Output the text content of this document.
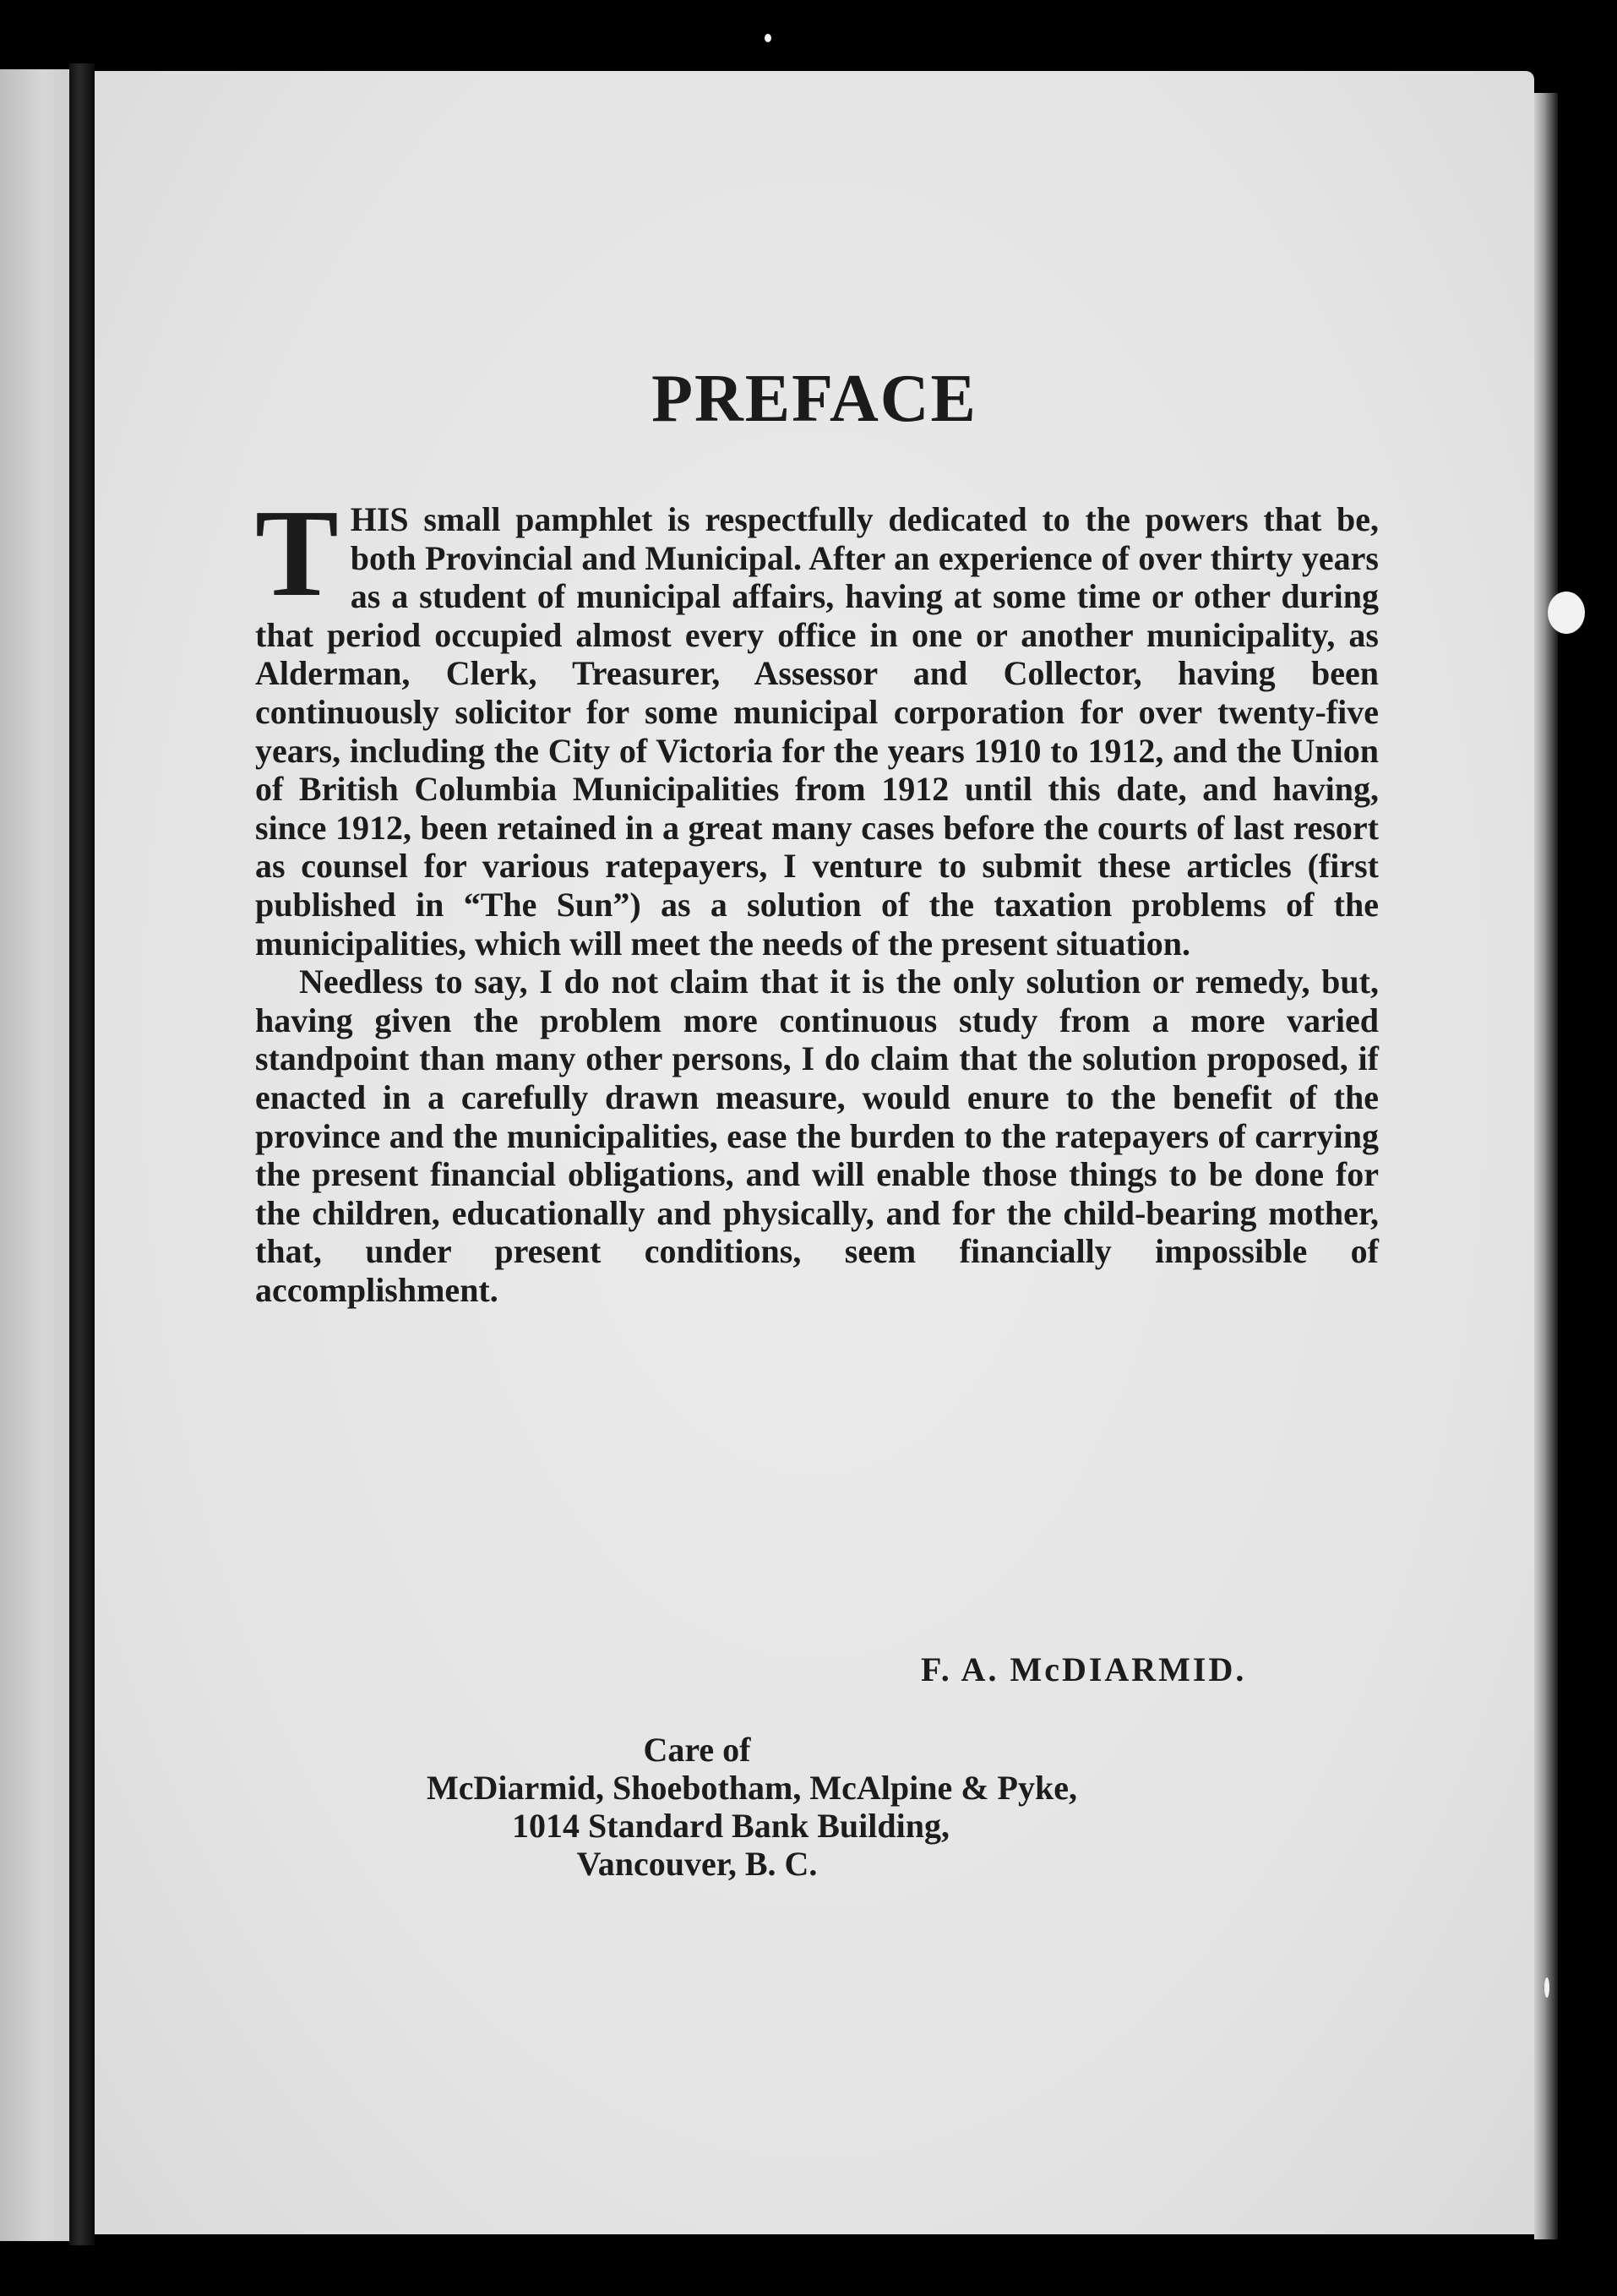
PREFACE

THIS small pamphlet is respectfully dedicated to the powers that be, both Provincial and Municipal. After an experience of over thirty years as a student of municipal affairs, having at some time or other during that period occupied almost every office in one or another municipality, as Alderman, Clerk, Treasurer, Assessor and Collector, having been continuously solicitor for some municipal corporation for over twenty-five years, including the City of Victoria for the years 1910 to 1912, and the Union of British Columbia Municipalities from 1912 until this date, and having, since 1912, been retained in a great many cases before the courts of last resort as counsel for various ratepayers, I venture to submit these articles (first published in “The Sun”) as a solution of the taxation problems of the municipalities, which will meet the needs of the present situation.

Needless to say, I do not claim that it is the only solution or remedy, but, having given the problem more continuous study from a more varied standpoint than many other persons, I do claim that the solution proposed, if enacted in a carefully drawn measure, would enure to the benefit of the province and the municipalities, ease the burden to the ratepayers of carrying the present financial obligations, and will enable those things to be done for the children, educationally and physically, and for the child-bearing mother, that, under present conditions, seem financially impossible of accomplishment.

F. A. McDIARMID.
Care of
McDiarmid, Shoebotham, McAlpine & Pyke,
1014 Standard Bank Building,
Vancouver, B. C.
